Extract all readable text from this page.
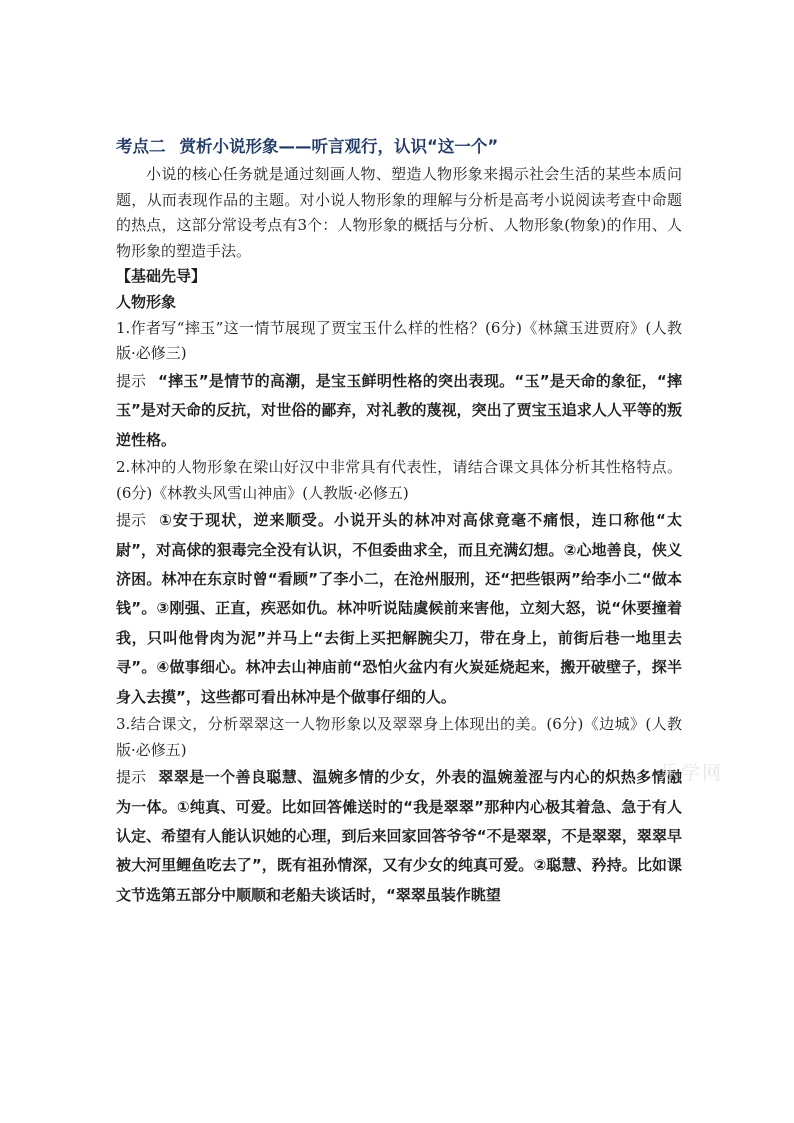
考点二 赏析小说形象——听言观行，认识“这一个”

小说的核心任务就是通过刻画人物、塑造人物形象来揭示社会生活的某些本质问题，从而表现作品的主题。对小说人物形象的理解与分析是高考小说阅读考查中命题的热点，这部分常设考点有3个：人物形象的概括与分析、人物形象(物象)的作用、人物形象的塑造手法。

【基础先导】

人物形象

1.作者写“摔玉”这一情节展现了贾宝玉什么样的性格？(6分)《林黛玉进贾府》(人教版·必修三)

提示 “摔玉”是情节的高潮，是宝玉鲜明性格的突出表现。“玉”是天命的象征，“摔玉”是对天命的反抗，对世俗的鄙弃，对礼教的蔑视，突出了贾宝玉追求人人平等的叛逆性格。

2.林冲的人物形象在梁山好汉中非常具有代表性，请结合课文具体分析其性格特点。(6分)《林教头风雪山神庙》(人教版·必修五)

提示 ①安于现状，逆来顺受。小说开头的林冲对高俅竟毫不痛恨，连口称他“太尉”，对高俅的狠毒完全没有认识，不但委曲求全，而且充满幻想。②心地善良，侠义济困。林冲在东京时曾“看顾”了李小二，在沧州服刑，还“把些银两”给李小二“做本钱”。③刚强、正直，疾恶如仇。林冲听说陆虞候前来害他，立刻大怒，说“休要撞着我，只叫他骨肉为泥”并马上“去街上买把解腕尖刀，带在身上，前街后巷一地里去寻”。④做事细心。林冲去山神庙前“恐怕火盆内有火炭延烧起来，搬开破壁子，探半身入去摸”，这些都可看出林冲是个做事仔细的人。

3.结合课文，分析翠翠这一人物形象以及翠翠身上体现出的美。(6分)《边城》(人教版·必修五)

提示 翠翠是一个善良聪慧、温婉多情的少女，外表的温婉羞涩与内心的炽热多情融为一体。①纯真、可爱。比如回答傩送时的“我是翠翠”那种内心极其着急、急于有人认定、希望有人能认识她的心理，到后来回家回答爷爷“不是翠翠，不是翠翠，翠翠早被大河里鲤鱼吃去了”，既有祖孙情深，又有少女的纯真可爱。②聪慧、矜持。比如课文节选第五部分中顺顺和老船夫谈话时，“翠翠虽装作眺望

乐学网
